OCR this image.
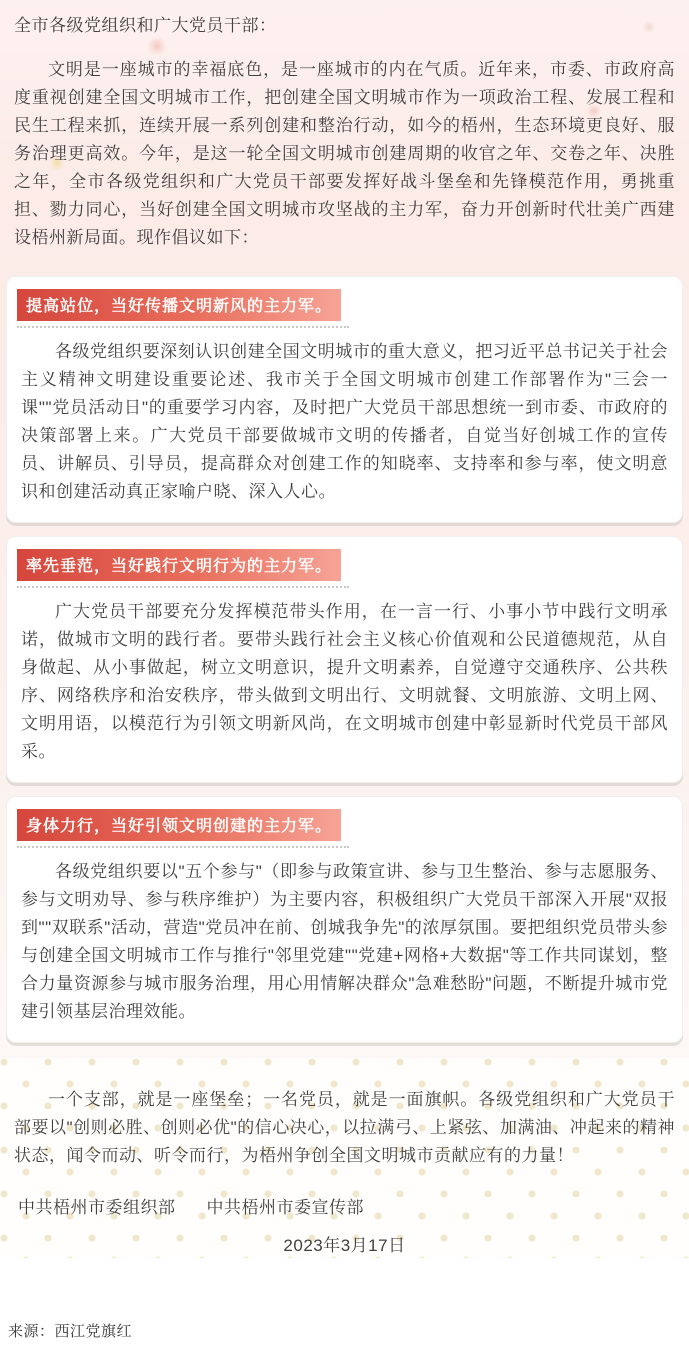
全市各级党组织和广大党员干部：

文明是一座城市的幸福底色，是一座城市的内在气质。近年来，市委、市政府高度重视创建全国文明城市工作，把创建全国文明城市作为一项政治工程、发展工程和民生工程来抓，连续开展一系列创建和整治行动，如今的梧州，生态环境更良好、服务治理更高效。今年，是这一轮全国文明城市创建周期的收官之年、交卷之年、决胜之年，全市各级党组织和广大党员干部要发挥好战斗堡垒和先锋模范作用，勇挑重担、勠力同心，当好创建全国文明城市攻坚战的主力军，奋力开创新时代壮美广西建设梧州新局面。现作倡议如下：

提高站位，当好传播文明新风的主力军。

各级党组织要深刻认识创建全国文明城市的重大意义，把习近平总书记关于社会主义精神文明建设重要论述、我市关于全国文明城市创建工作部署作为"三会一课""党员活动日"的重要学习内容，及时把广大党员干部思想统一到市委、市政府的决策部署上来。广大党员干部要做城市文明的传播者，自觉当好创城工作的宣传员、讲解员、引导员，提高群众对创建工作的知晓率、支持率和参与率，使文明意识和创建活动真正家喻户晓、深入人心。

率先垂范，当好践行文明行为的主力军。

广大党员干部要充分发挥模范带头作用，在一言一行、小事小节中践行文明承诺，做城市文明的践行者。要带头践行社会主义核心价值观和公民道德规范，从自身做起、从小事做起，树立文明意识，提升文明素养，自觉遵守交通秩序、公共秩序、网络秩序和治安秩序，带头做到文明出行、文明就餐、文明旅游、文明上网、文明用语，以模范行为引领文明新风尚，在文明城市创建中彰显新时代党员干部风采。

身体力行，当好引领文明创建的主力军。

各级党组织要以"五个参与"（即参与政策宣讲、参与卫生整治、参与志愿服务、参与文明劝导、参与秩序维护）为主要内容，积极组织广大党员干部深入开展"双报到""双联系"活动，营造"党员冲在前、创城我争先"的浓厚氛围。要把组织党员带头参与创建全国文明城市工作与推行"邻里党建""党建+网格+大数据"等工作共同谋划，整合力量资源参与城市服务治理，用心用情解决群众"急难愁盼"问题，不断提升城市党建引领基层治理效能。

一个支部，就是一座堡垒；一名党员，就是一面旗帜。各级党组织和广大党员干部要以"创则必胜、创则必优"的信心决心，以拉满弓、上紧弦、加满油、冲起来的精神状态，闻令而动、听令而行，为梧州争创全国文明城市贡献应有的力量！

中共梧州市委组织部 中共梧州市委宣传部
2023年3月17日
来源：西江党旗红
